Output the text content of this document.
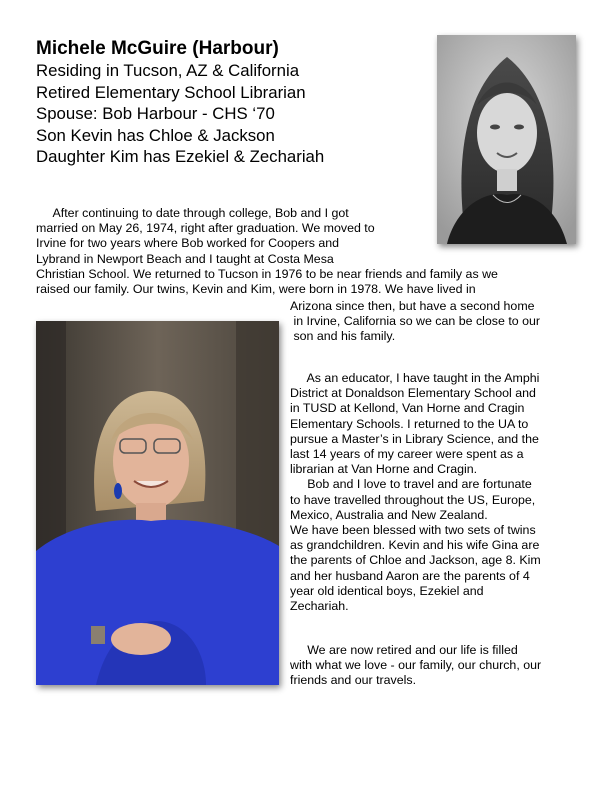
Michele McGuire (Harbour)

Residing in Tucson, AZ & California

Retired Elementary School Librarian

Spouse: Bob Harbour - CHS ‘70

Son Kevin has Chloe & Jackson

Daughter Kim has Ezekiel & Zechariah

After continuing to date through college, Bob and I got
married on May 26, 1974, right after graduation. We moved to
Irvine for two years where Bob worked for Coopers and
Lybrand in Newport Beach and I taught at Costa Mesa
Christian School. We returned to Tucson in 1976 to be near friends and family as we
raised our family. Our twins, Kevin and Kim, were born in 1978. We have lived in
Arizona since then, but have a second home
in Irvine, California so we can be close to our
son and his family.
As an educator, I have taught in the Amphi
District at Donaldson Elementary School and
in TUSD at Kellond, Van Horne and Cragin
Elementary Schools. I returned to the UA to
pursue a Master’s in Library Science, and the
last 14 years of my career were spent as a
librarian at Van Horne and Cragin.
Bob and I love to travel and are fortunate
to have travelled throughout the US, Europe,
Mexico, Australia and New Zealand.
We have been blessed with two sets of twins
as grandchildren. Kevin and his wife Gina are
the parents of Chloe and Jackson, age 8. Kim
and her husband Aaron are the parents of 4
year old identical boys, Ezekiel and
Zechariah.
We are now retired and our life is filled
with what we love - our family, our church, our
friends and our travels.
